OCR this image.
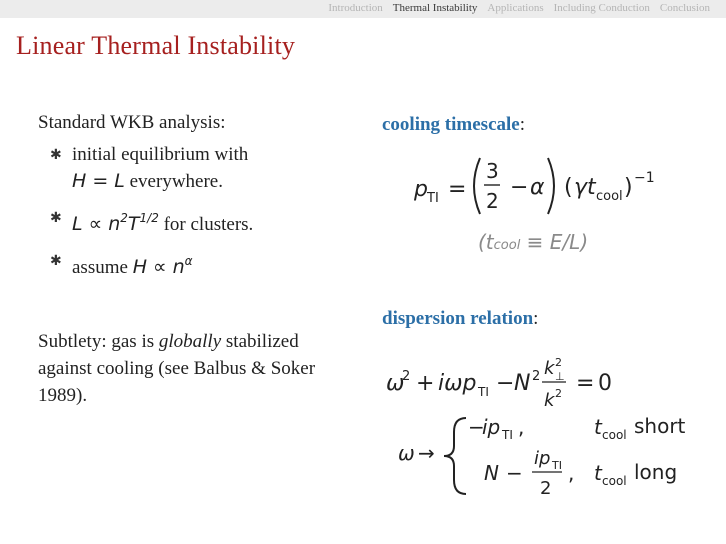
Introduction Thermal Instability Applications Including Conduction Conclusion
Linear Thermal Instability

Standard WKB analysis:

✱ initial equilibrium with
H = L everywhere.
✱ $L \propto n^2T^{1/2}$ for clusters.
✱ assume $H \propto n^\alpha$
Subtlety: gas is globally stabilized against cooling (see Balbus & Soker 1989).
cooling timescale:
p TI =
3
2
− α ( γt cool ) −1
(tcool ≡ E/L)
dispersion relation:
ω
2 + iωp TI − N 2 k 2
⊥
k 2 = 0
ω →
−
ip TI ,	t cool
N −
ip TI
2
, t cool
short
long
